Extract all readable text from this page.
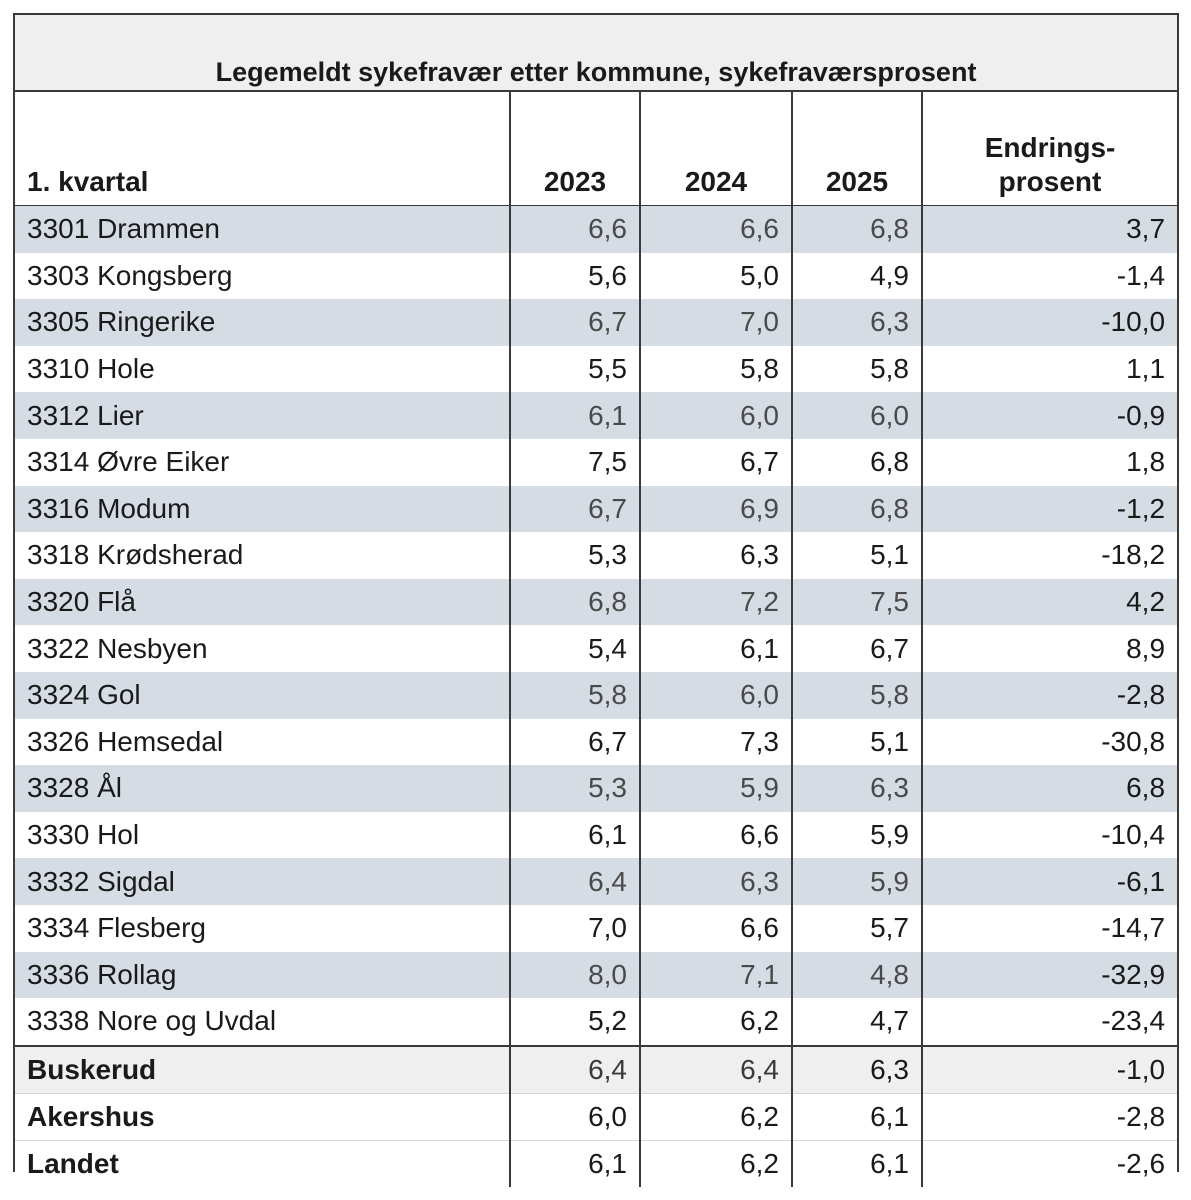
Legemeldt sykefravær etter kommune, sykefraværsprosent				
1. kvartal	2023	2024	2025	Endrings-
prosent
3301 Drammen	6,6	6,6	6,8	3,7
3303 Kongsberg	5,6	5,0	4,9	-1,4
3305 Ringerike	6,7	7,0	6,3	-10,0
3310 Hole	5,5	5,8	5,8	1,1
3312 Lier	6,1	6,0	6,0	-0,9
3314 Øvre Eiker	7,5	6,7	6,8	1,8
3316 Modum	6,7	6,9	6,8	-1,2
3318 Krødsherad	5,3	6,3	5,1	-18,2
3320 Flå	6,8	7,2	7,5	4,2
3322 Nesbyen	5,4	6,1	6,7	8,9
3324 Gol	5,8	6,0	5,8	-2,8
3326 Hemsedal	6,7	7,3	5,1	-30,8
3328 Ål	5,3	5,9	6,3	6,8
3330 Hol	6,1	6,6	5,9	-10,4
3332 Sigdal	6,4	6,3	5,9	-6,1
3334 Flesberg	7,0	6,6	5,7	-14,7
3336 Rollag	8,0	7,1	4,8	-32,9
3338 Nore og Uvdal	5,2	6,2	4,7	-23,4
Buskerud	6,4	6,4	6,3	-1,0
Akershus	6,0	6,2	6,1	-2,8
Landet	6,1	6,2	6,1	-2,6
